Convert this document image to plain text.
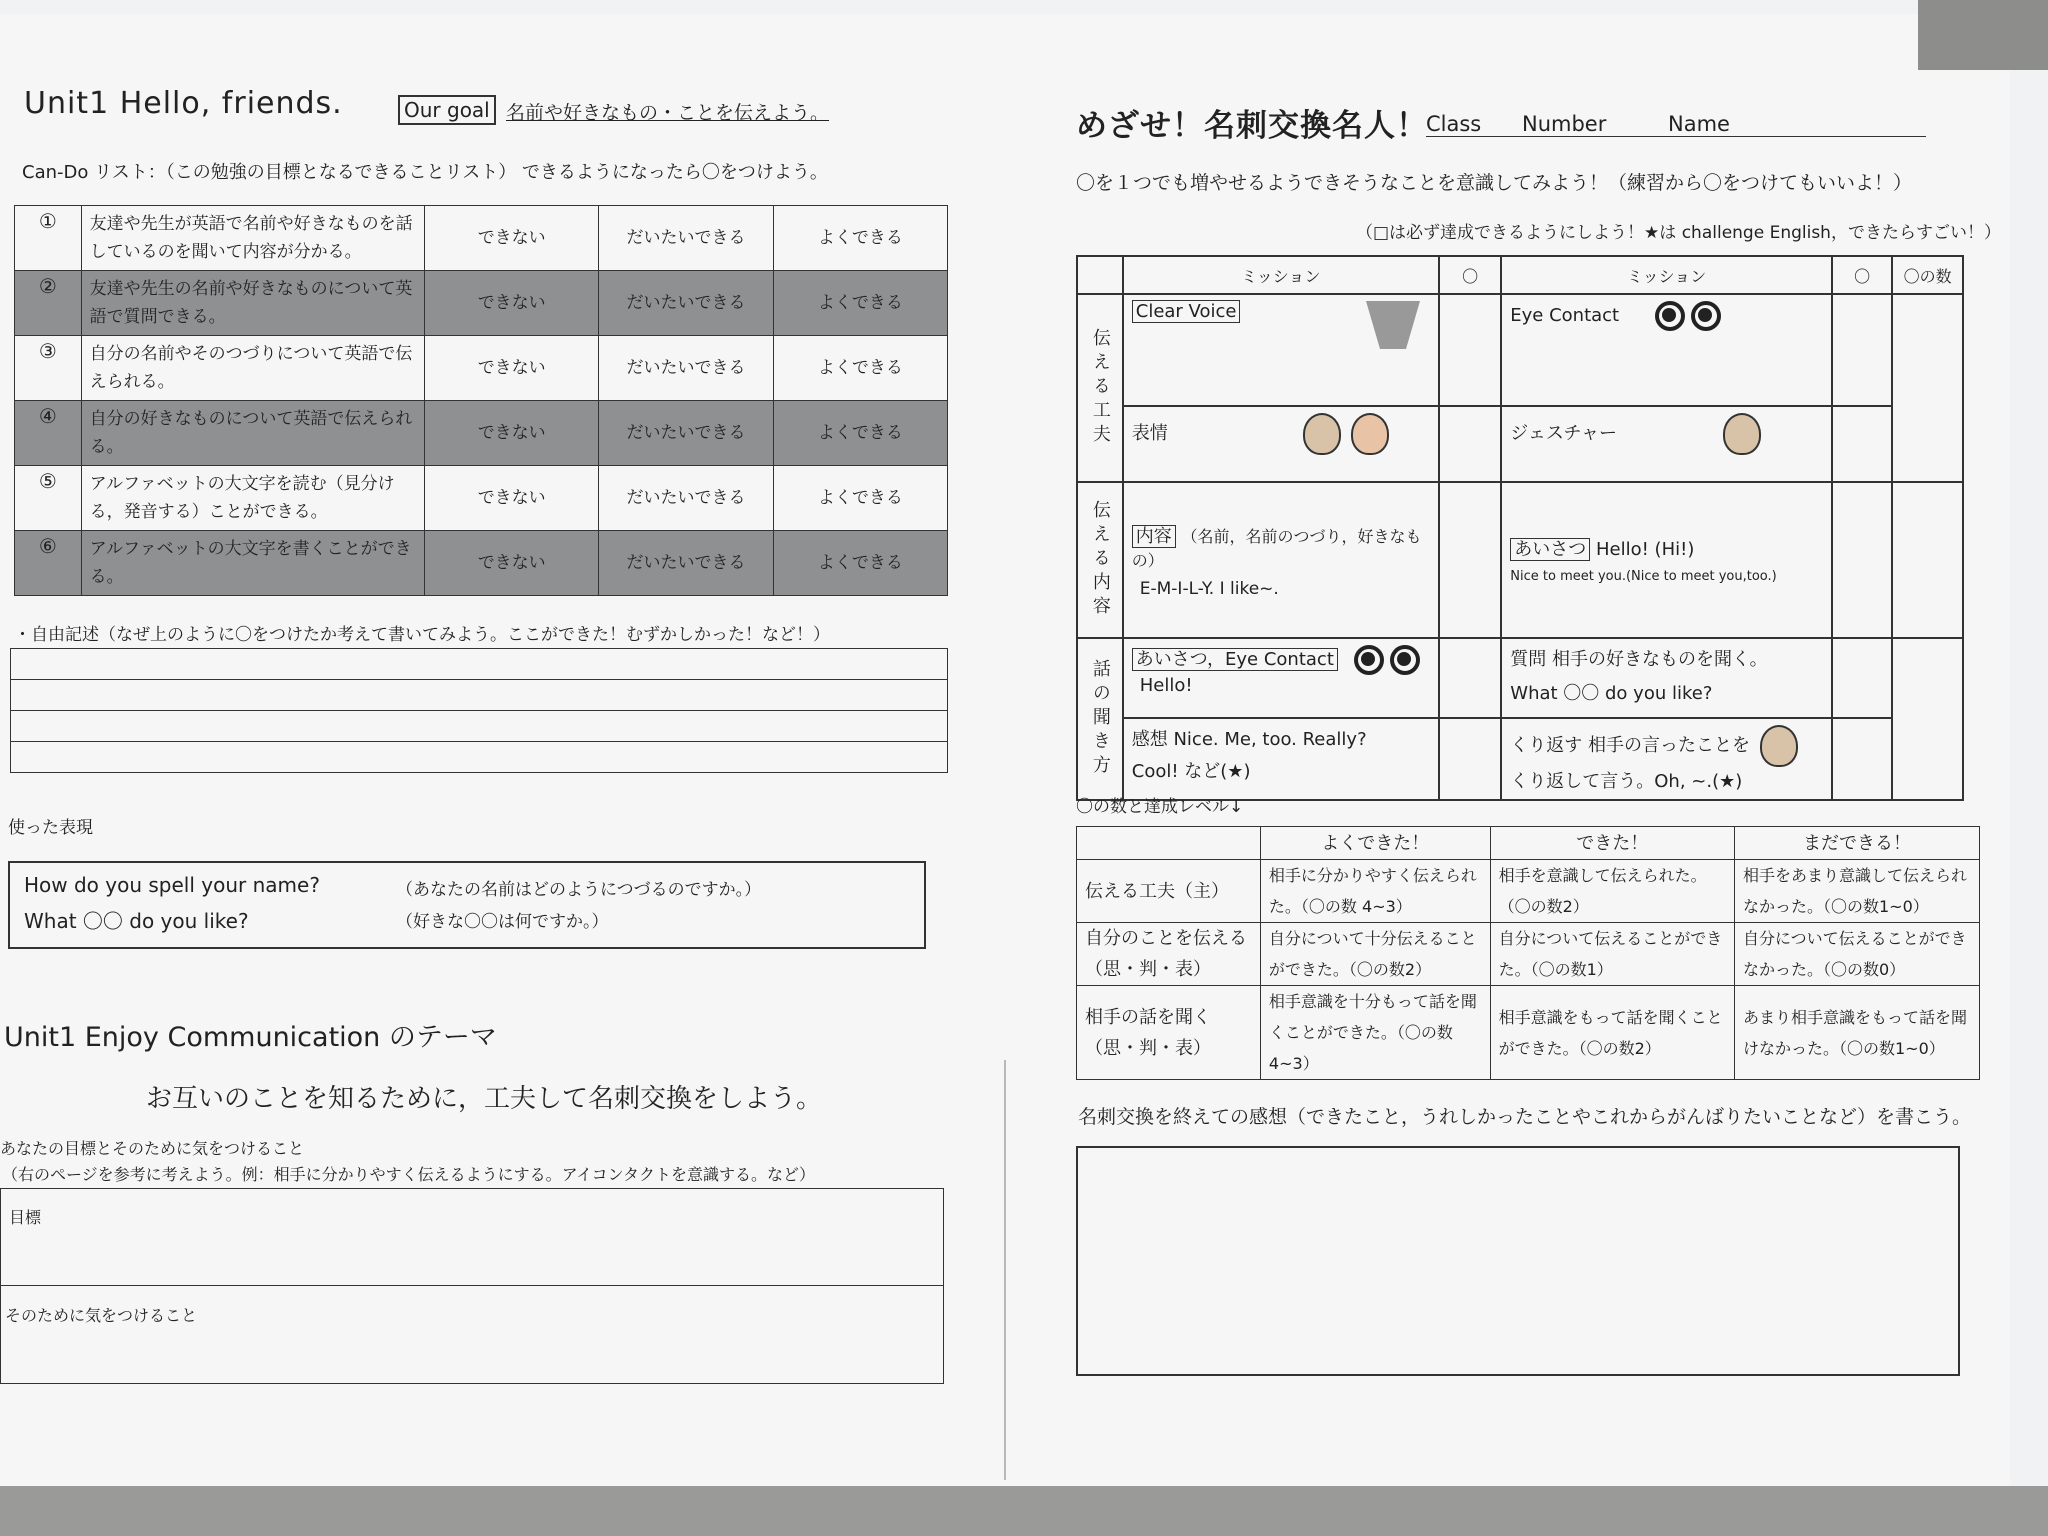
Unit1 Hello, friends.	Our goal 名前や好きなもの・ことを伝えよう。
Can-Do リスト：（この勉強の目標となるできることリスト） できるようになったら〇をつけよう。
①	友達や先生が英語で名前や好きなものを話しているのを聞いて内容が分かる。	できない	だいたいできる	よくできる
②	友達や先生の名前や好きなものについて英語で質問できる。	できない	だいたいできる	よくできる
③	自分の名前やそのつづりについて英語で伝えられる。	できない	だいたいできる	よくできる
④	自分の好きなものについて英語で伝えられる。	できない	だいたいできる	よくできる
⑤	アルファベットの大文字を読む（見分ける，発音する）ことができる。	できない	だいたいできる	よくできる
⑥	アルファベットの大文字を書くことができる。	できない	だいたいできる	よくできる
・自由記述（なぜ上のように〇をつけたか考えて書いてみよう。ここができた！むずかしかった！など！）
使った表現
How do you spell your name?	（あなたの名前はどのようにつづるのですか。）
What 〇〇 do you like?	（好きな〇〇は何ですか。）
Unit1 Enjoy Communication のテーマ
お互いのことを知るために，工夫して名刺交換をしよう。
あなたの目標とそのために気をつけること
（右のページを参考に考えよう。例：相手に分かりやすく伝えるようにする。アイコンタクトを意識する。など）
目標
そのために気をつけること
めざせ！名刺交換名人！
Class Number	Name
〇を１つでも増やせるようできそうなことを意識してみよう！（練習から〇をつけてもいいよ！）
（□は必ず達成できるようにしよう！★は challenge English，できたらすごい！）
	ミッション	〇	ミッション	〇	〇の数
伝える工夫	Clear Voice		Eye Contact		
	表情		ジェスチャー		
伝える内容	内容 （名前，名前のつづり，好きなもの）
E-M-I-L-Y. I like~.		あいさつ Hello! (Hi!)
Nice to meet you.(Nice to meet you,too.)		
話の聞き方	あいさつ，Eye Contact
Hello!		質問 相手の好きなものを聞く。
What 〇〇 do you like?		
	感想 Nice. Me, too. Really?
Cool! など(★)		くり返す 相手の言ったことを
くり返して言う。Oh, ~.(★)		
〇の数と達成レベル↓
	よくできた！	できた！	まだできる！
伝える工夫（主）	相手に分かりやすく伝えられた。（〇の数 4~3）	相手を意識して伝えられた。（〇の数2）	相手をあまり意識して伝えられなかった。（〇の数1~0）
自分のことを伝える（思・判・表）	自分について十分伝えることができた。（〇の数2）	自分について伝えることができた。（〇の数1）	自分について伝えることができなかった。（〇の数0）
相手の話を聞く（思・判・表）	相手意識を十分もって話を聞くことができた。（〇の数4~3）	相手意識をもって話を聞くことができた。（〇の数2）	あまり相手意識をもって話を聞けなかった。（〇の数1~0）
名刺交換を終えての感想（できたこと，うれしかったことやこれからがんばりたいことなど）を書こう。
